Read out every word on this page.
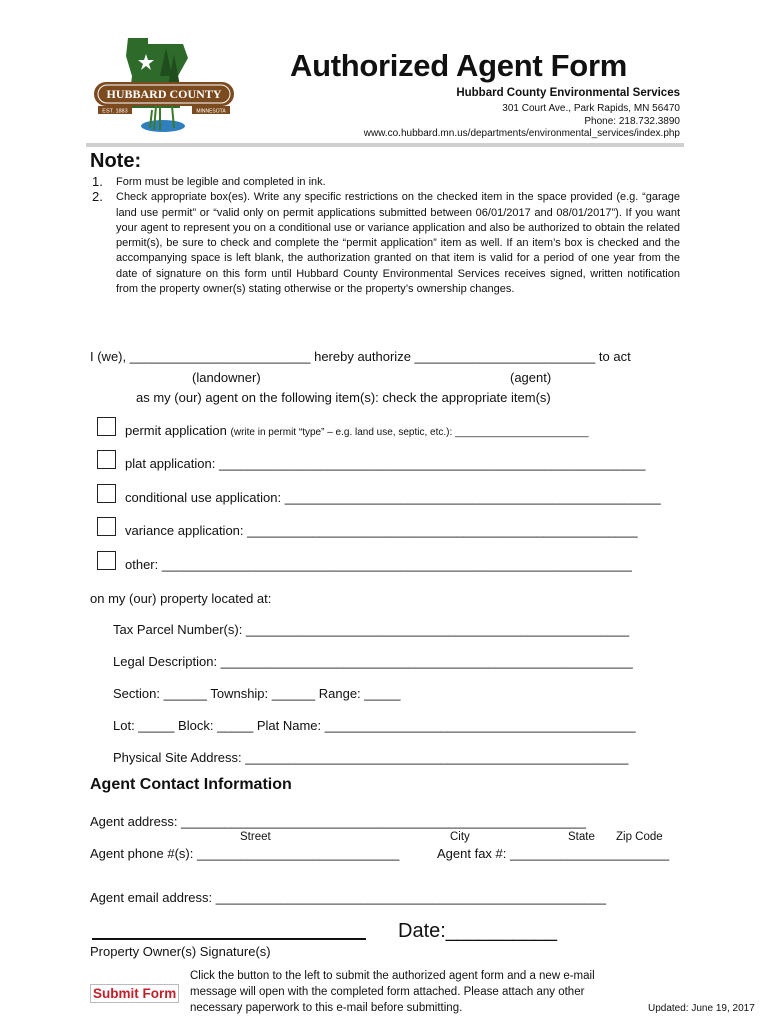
HUBBARD COUNTY
EST. 1883	MINNESOTA
Authorized Agent Form
Hubbard County Environmental Services
301 Court Ave., Park Rapids, MN 56470
Phone: 218.732.3890
www.co.hubbard.mn.us/departments/environmental_services/index.php
Note:
1. Form must be legible and completed in ink.
2. Check appropriate box(es). Write any specific restrictions on the checked item in the space provided (e.g. “garage land use permit” or “valid only on permit applications submitted between 06/01/2017 and 08/01/2017”). If you want your agent to represent you on a conditional use or variance application and also be authorized to obtain the related permit(s), be sure to check and complete the “permit application” item as well. If an item’s box is checked and the accompanying space is left blank, the authorization granted on that item is valid for a period of one year from the date of signature on this form until Hubbard County Environmental Services receives signed, written notification from the property owner(s) stating otherwise or the property’s ownership changes.
I (we), _________________________ hereby authorize _________________________ to act
(landowner)	(agent)
as my (our) agent on the following item(s): check the appropriate item(s)
permit application (write in permit “type” – e.g. land use, septic, etc.): ________________________
plat application: ___________________________________________________________
conditional use application: ____________________________________________________
variance application: ______________________________________________________
other: _________________________________________________________________
on my (our) property located at:
Tax Parcel Number(s): _____________________________________________________
Legal Description: _________________________________________________________
Section: ______ Township: ______ Range: _____
Lot: _____ Block: _____ Plat Name: ___________________________________________
Physical Site Address: _____________________________________________________
Agent Contact Information
Agent address: ________________________________________________________
Street	City	State Zip Code
Agent phone #(s): ____________________________	Agent fax #: ______________________
Agent email address: ______________________________________________________
Date:__________
Property Owner(s) Signature(s)
Submit Form
Click the button to the left to submit the authorized agent form and a new e-mail
message will open with the completed form attached. Please attach any other
necessary paperwork to this e-mail before submitting.	Updated: June 19, 2017
